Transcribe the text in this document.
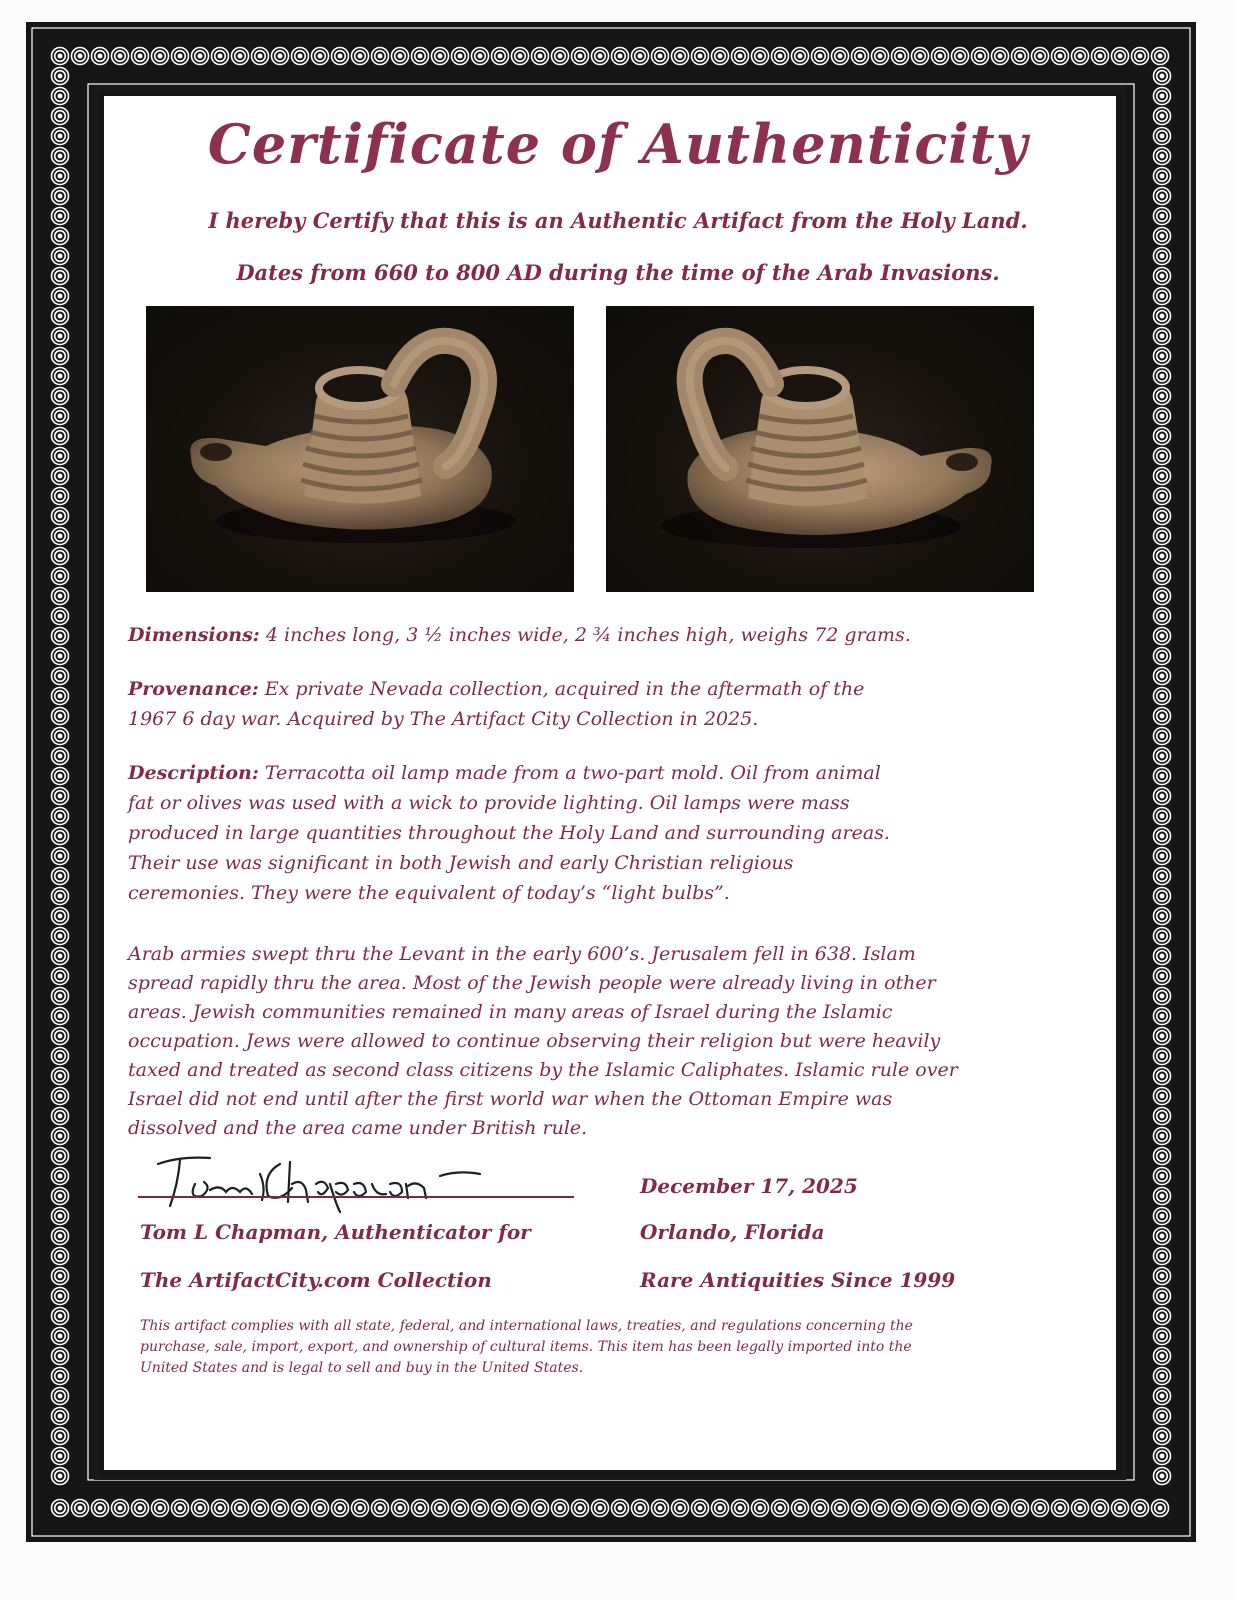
Certificate of Authenticity
I hereby Certify that this is an Authentic Artifact from the Holy Land.
Dates from 660 to 800 AD during the time of the Arab Invasions.
Dimensions: 4 inches long, 3 ½ inches wide, 2 ¾ inches high, weighs 72 grams.
Provenance: Ex private Nevada collection, acquired in the aftermath of the
1967 6 day war. Acquired by The Artifact City Collection in 2025.
Description: Terracotta oil lamp made from a two-part mold. Oil from animal
fat or olives was used with a wick to provide lighting. Oil lamps were mass
produced in large quantities throughout the Holy Land and surrounding areas.
Their use was significant in both Jewish and early Christian religious
ceremonies. They were the equivalent of today’s “light bulbs”.
Arab armies swept thru the Levant in the early 600’s. Jerusalem fell in 638. Islam
spread rapidly thru the area. Most of the Jewish people were already living in other
areas. Jewish communities remained in many areas of Israel during the Islamic
occupation. Jews were allowed to continue observing their religion but were heavily
taxed and treated as second class citizens by the Islamic Caliphates. Islamic rule over
Israel did not end until after the first world war when the Ottoman Empire was
dissolved and the area came under British rule.
Tom L Chapman, Authenticator for
The ArtifactCity.com Collection
December 17, 2025
Orlando, Florida
Rare Antiquities Since 1999
This artifact complies with all state, federal, and international laws, treaties, and regulations concerning the
purchase, sale, import, export, and ownership of cultural items. This item has been legally imported into the
United States and is legal to sell and buy in the United States.
